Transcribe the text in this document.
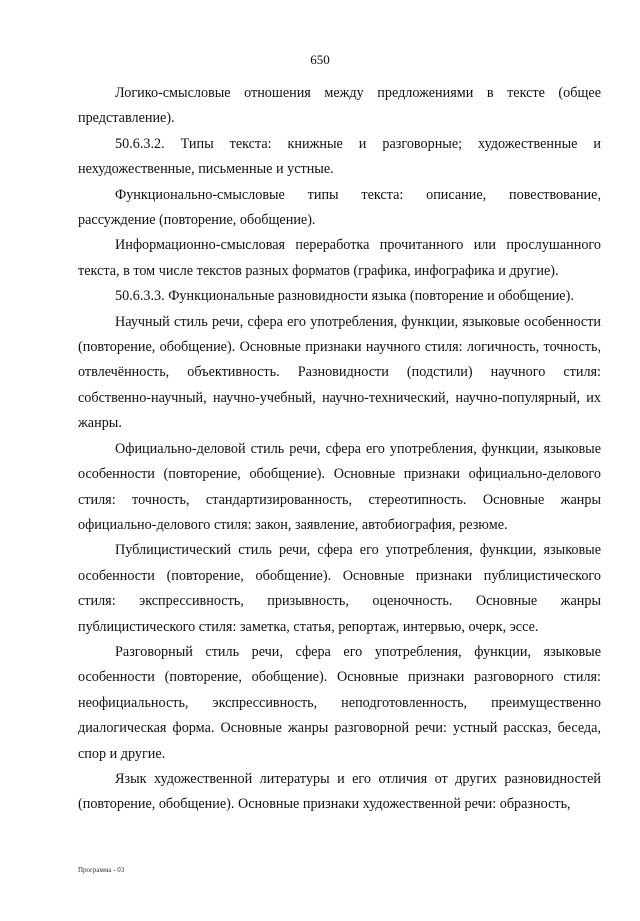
650

Логико-смысловые отношения между предложениями в тексте (общее представление).

50.6.3.2. Типы текста: книжные и разговорные; художественные и нехудожественные, письменные и устные.

Функционально-смысловые типы текста: описание, повествование, рассуждение (повторение, обобщение).

Информационно-смысловая переработка прочитанного или прослушанного текста, в том числе текстов разных форматов (графика, инфографика и другие).

50.6.3.3. Функциональные разновидности языка (повторение и обобщение).

Научный стиль речи, сфера его употребления, функции, языковые особенности (повторение, обобщение). Основные признаки научного стиля: логичность, точность, отвлечённость, объективность. Разновидности (подстили) научного стиля: собственно-научный, научно-учебный, научно-технический, научно-популярный, их жанры.

Официально-деловой стиль речи, сфера его употребления, функции, языковые особенности (повторение, обобщение). Основные признаки официально-делового стиля: точность, стандартизированность, стереотипность. Основные жанры официально-делового стиля: закон, заявление, автобиография, резюме.

Публицистический стиль речи, сфера его употребления, функции, языковые особенности (повторение, обобщение). Основные признаки публицистического стиля: экспрессивность, призывность, оценочность. Основные жанры публицистического стиля: заметка, статья, репортаж, интервью, очерк, эссе.

Разговорный стиль речи, сфера его употребления, функции, языковые особенности (повторение, обобщение). Основные признаки разговорного стиля: неофициальность, экспрессивность, неподготовленность, преимущественно диалогическая форма. Основные жанры разговорной речи: устный рассказ, беседа, спор и другие.

Язык художественной литературы и его отличия от других разновидностей (повторение, обобщение). Основные признаки художественной речи: образность,

Программа - 03
